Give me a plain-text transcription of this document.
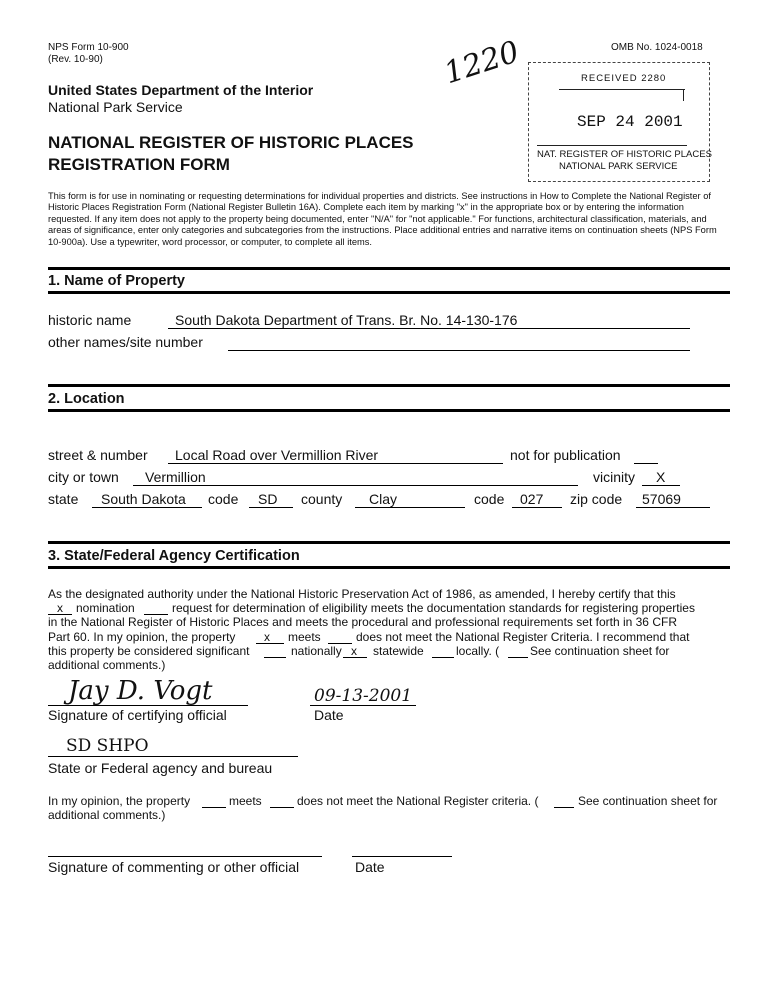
NPS Form 10-900
(Rev. 10-90)
OMB No. 1024-0018
United States Department of the Interior
National Park Service
NATIONAL REGISTER OF HISTORIC PLACES
REGISTRATION FORM
1220	RECEIVED 2280
SEP 24 2001
NAT. REGISTER OF HISTORIC PLACES
NATIONAL PARK SERVICE
This form is for use in nominating or requesting determinations for individual properties and districts. See instructions in How to Complete the National Register of Historic Places Registration Form (National Register Bulletin 16A). Complete each item by marking "x" in the appropriate box or by entering the information requested. If any item does not apply to the property being documented, enter "N/A" for "not applicable." For functions, architectural classification, materials, and areas of significance, enter only categories and subcategories from the instructions. Place additional entries and narrative items on continuation sheets (NPS Form 10-900a). Use a typewriter, word processor, or computer, to complete all items.
1. Name of Property
historic name	South Dakota Department of Trans. Br. No. 14-130-176
other names/site number
2. Location
street & number Local Road over Vermillion River	not for publication
city or town Vermillion	vicinity X
state South Dakota code SD county Clay	code 027 zip code 57069
3. State/Federal Agency Certification
As the designated authority under the National Historic Preservation Act of 1986, as amended, I hereby certify that this
x nomination	request for determination of eligibility meets the documentation standards for registering properties
in the National Register of Historic Places and meets the procedural and professional requirements set forth in 36 CFR
Part 60. In my opinion, the property x meets	does not meet the National Register Criteria. I recommend that
this property be considered significant	nationally x statewide	locally. (	See continuation sheet for
additional comments.)
Jay D. Vogt
Signature of certifying official
09-13-2001
Date
SD SHPO
State or Federal agency and bureau
In my opinion, the property	meets	does not meet the National Register criteria. (	See continuation sheet for
additional comments.)
Signature of commenting or other official	Date
